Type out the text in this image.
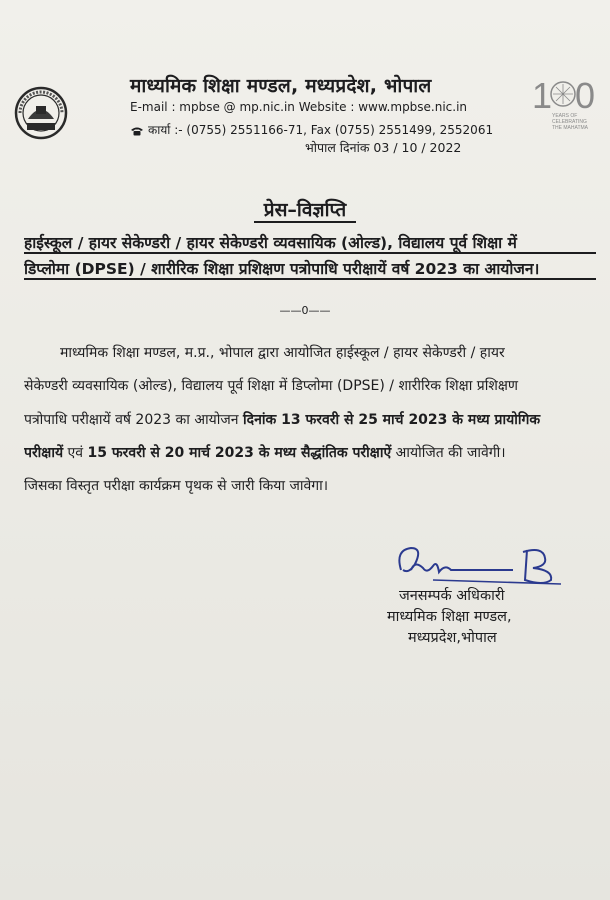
माध्यमिक शिक्षा मण्डल, मध्यप्रदेश, भोपाल
E-mail : mpbse @ mp.nic.in Website : www.mpbse.nic.in
कार्या :- (0755) 2551166-71, Fax (0755) 2551499, 2552061
भोपाल दिनांक 03 / 10 / 2022
1 0
YEARS OF
CELEBRATING
THE MAHATMA
प्रेस–विज्ञप्ति
हाईस्कूल / हायर सेकेण्डरी / हायर सेकेण्डरी व्यवसायिक (ओल्ड), विद्यालय पूर्व शिक्षा में
डिप्लोमा (DPSE) / शारीरिक शिक्षा प्रशिक्षण पत्रोपाधि परीक्षायें वर्ष 2023 का आयोजन।
——0——
माध्यमिक शिक्षा मण्डल, म.प्र., भोपाल द्वारा आयोजित हाईस्कूल / हायर सेकेण्डरी / हायर
सेकेण्डरी व्यवसायिक (ओल्ड), विद्यालय पूर्व शिक्षा में डिप्लोमा (DPSE) / शारीरिक शिक्षा प्रशिक्षण
पत्रोपाधि परीक्षायें वर्ष 2023 का आयोजन दिनांक 13 फरवरी से 25 मार्च 2023 के मध्य प्रायोगिक
परीक्षायें एवं 15 फरवरी से 20 मार्च 2023 के मध्य सैद्धांतिक परीक्षाऐं आयोजित की जावेगी।
जिसका विस्तृत परीक्षा कार्यक्रम पृथक से जारी किया जावेगा।
जनसम्पर्क अधिकारी
माध्यमिक शिक्षा मण्डल,
मध्यप्रदेश,भोपाल
